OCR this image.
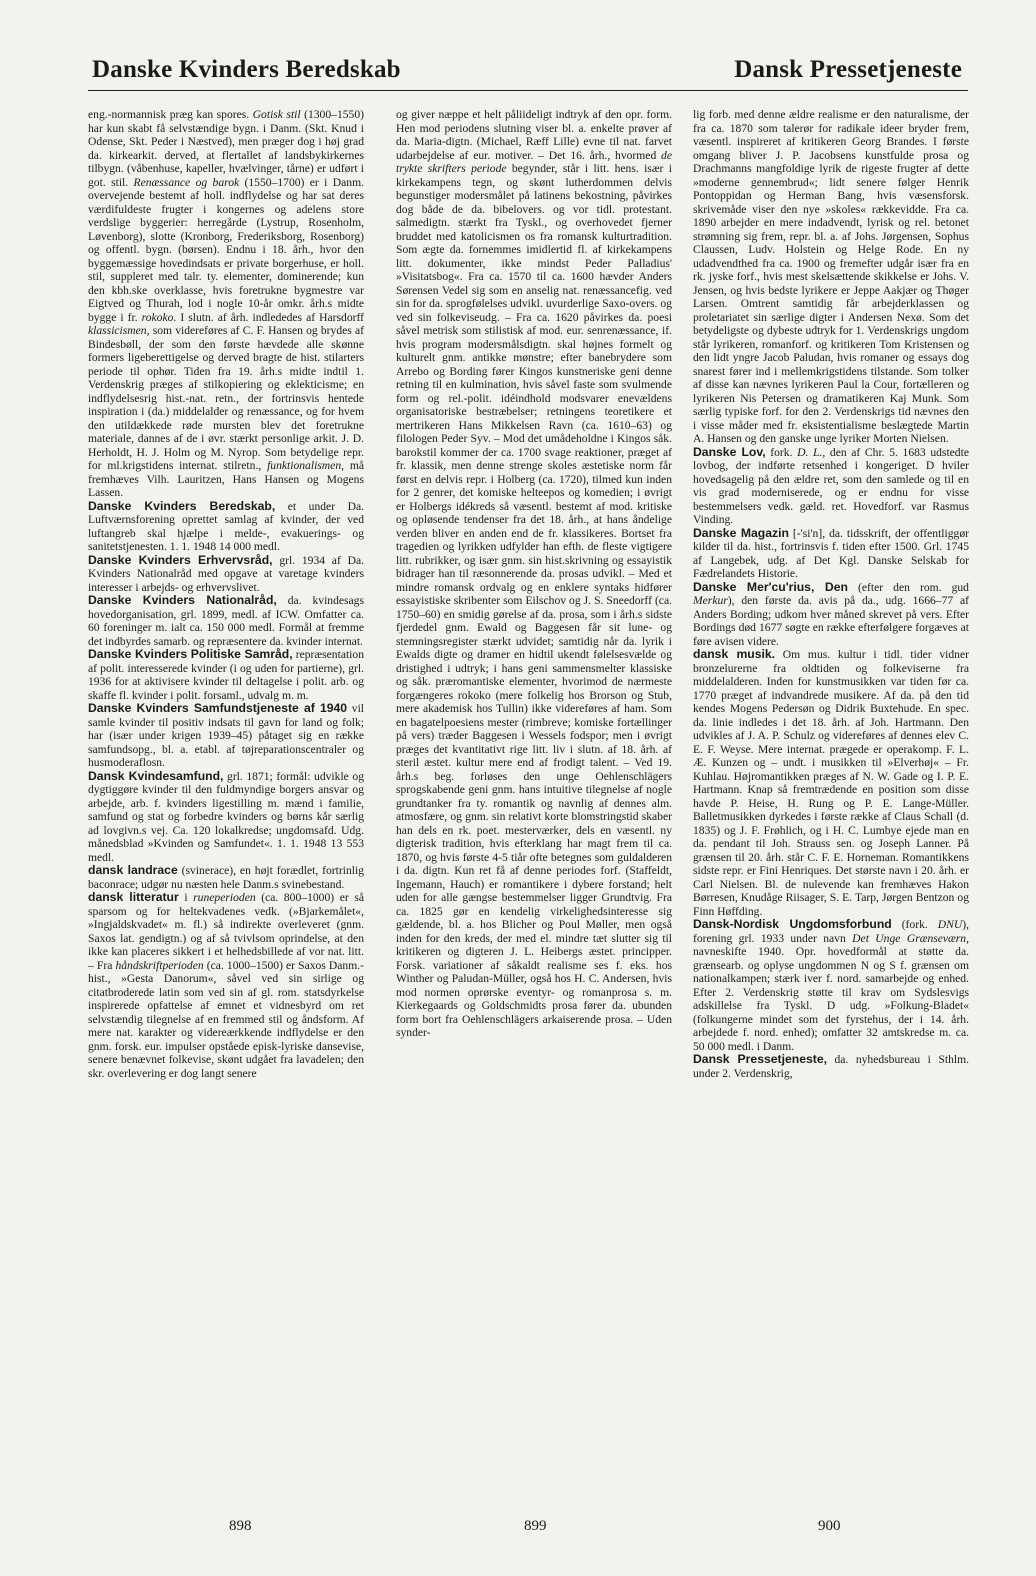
Danske Kvinders Beredskab	Dansk Pressetjeneste

eng.-normannisk præg kan spores. Gotisk stil (1300–1550) har kun skabt få selvstændige bygn. i Danm. (Skt. Knud i Odense, Skt. Peder i Næstved), men præger dog i høj grad da. kirkearkit. derved, at flertallet af landsbykirkernes tilbygn. (våbenhuse, kapeller, hvælvinger, tårne) er udført i got. stil. Renæssance og barok (1550–1700) er i Danm. overvejende bestemt af holl. indflydelse og har sat deres værdifuldeste frugter i kongernes og adelens store verdslige byggerier: herregårde (Lystrup, Rosenholm, Løvenborg), slotte (Kronborg, Frederiksborg, Rosenborg) og offentl. bygn. (børsen). Endnu i 18. årh., hvor den byggemæssige hovedindsats er private borgerhuse, er holl. stil, suppleret med talr. ty. elementer, dominerende; kun den kbh.ske overklasse, hvis foretrukne bygmestre var Eigtved og Thurah, lod i nogle 10-år omkr. årh.s midte bygge i fr. rokoko. I slutn. af årh. indlededes af Harsdorff klassicismen, som videreføres af C. F. Hansen og brydes af Bindesbøll, der som den første hævdede alle skønne formers ligeberettigelse og derved bragte de hist. stilarters periode til ophør. Tiden fra 19. årh.s midte indtil 1. Verdenskrig præges af stilkopiering og eklekticisme; en indflydelsesrig hist.-nat. retn., der fortrinsvis hentede inspiration i (da.) middelalder og renæssance, og for hvem den utildækkede røde mursten blev det foretrukne materiale, dannes af de i øvr. stærkt personlige arkit. J. D. Herholdt, H. J. Holm og M. Nyrop. Som betydelige repr. for ml.krigstidens internat. stilretn., funktionalismen, må fremhæves Vilh. Lauritzen, Hans Hansen og Mogens Lassen.

Danske Kvinders Beredskab, et under Da. Luftværnsforening oprettet samlag af kvinder, der ved luftangreb skal hjælpe i melde-, evakuerings- og sanitetstjenesten. 1. 1. 1948 14 000 medl.

Danske Kvinders Erhvervsråd, grl. 1934 af Da. Kvinders Nationalråd med opgave at varetage kvinders interesser i arbejds- og erhvervslivet.

Danske Kvinders Nationalråd, da. kvindesags hovedorganisation, grl. 1899, medl. af ICW. Omfatter ca. 60 foreninger m. ialt ca. 150 000 medl. Formål at fremme det indbyrdes samarb. og repræsentere da. kvinder internat.

Danske Kvinders Politiske Samråd, repræsentation af polit. interesserede kvinder (i og uden for partierne), grl. 1936 for at aktivisere kvinder til deltagelse i polit. arb. og skaffe fl. kvinder i polit. forsaml., udvalg m. m.

Danske Kvinders Samfundstjeneste af 1940 vil samle kvinder til positiv indsats til gavn for land og folk; har (især under krigen 1939–45) påtaget sig en række samfundsopg., bl. a. etabl. af tøjreparationscentraler og husmoderaflosn.

Dansk Kvindesamfund, grl. 1871; formål: udvikle og dygtiggøre kvinder til den fuldmyndige borgers ansvar og arbejde, arb. f. kvinders ligestilling m. mænd i familie, samfund og stat og forbedre kvinders og børns kår særlig ad lovgivn.s vej. Ca. 120 lokalkredse; ungdomsafd. Udg. månedsblad »Kvinden og Samfundet«. 1. 1. 1948 13 553 medl.

dansk landrace (svinerace), en højt forædlet, fortrinlig baconrace; udgør nu næsten hele Danm.s svinebestand.

dansk litteratur i runeperioden (ca. 800–1000) er så sparsom og for heltekvadenes vedk. (»Bjarkemålet«, »Ingjaldskvadet« m. fl.) så indirekte overleveret (gnm. Saxos lat. gendigtn.) og af så tvivlsom oprindelse, at den ikke kan placeres sikkert i et helhedsbillede af vor nat. litt. – Fra håndskriftperioden (ca. 1000–1500) er Saxos Danm.-hist., »Gesta Danorum«, såvel ved sin sirlige og citatbroderede latin som ved sin af gl. rom. statsdyrkelse inspirerede opfattelse af emnet et vidnesbyrd om ret selvstændig tilegnelse af en fremmed stil og åndsform. Af mere nat. karakter og videreærkkende indflydelse er den gnm. forsk. eur. impulser opståede episk-lyriske dansevise, senere benævnet folkevise, skønt udgået fra lavadelen; den skr. overlevering er dog langt senere

og giver næppe et helt påliideligt indtryk af den opr. form. Hen mod periodens slutning viser bl. a. enkelte prøver af da. Maria-digtn. (Michael, Ræff Lille) evne til nat. farvet udarbejdelse af eur. motiver. – Det 16. årh., hvormed de trykte skrifters periode begynder, står i litt. hens. især i kirkekampens tegn, og skønt lutherdommen delvis begunstiger modersmålet på latinens bekostning, påvirkes dog både de da. bibelovers. og vor tidl. protestant. salmedigtn. stærkt fra Tyskl., og overhovedet fjerner bruddet med katolicismen os fra romansk kulturtradition. Som ægte da. fornemmes imidlertid fl. af kirkekampens litt. dokumenter, ikke mindst Peder Palladius' »Visitatsbog«. Fra ca. 1570 til ca. 1600 hævder Anders Sørensen Vedel sig som en anselig nat. renæssancefig. ved sin for da. sprogfølelses udvikl. uvurderlige Saxo-overs. og ved sin folkeviseudg. – Fra ca. 1620 påvirkes da. poesi såvel metrisk som stilistisk af mod. eur. senrenæssance, if. hvis program modersmålsdigtn. skal højnes formelt og kulturelt gnm. antikke mønstre; efter banebrydere som Arrebo og Bording fører Kingos kunstneriske geni denne retning til en kulmination, hvis såvel faste som svulmende form og rel.-polit. idéindhold modsvarer enevældens organisatoriske bestræbelser; retningens teoretikere et mertrikeren Hans Mikkelsen Ravn (ca. 1610–63) og filologen Peder Syv. – Mod det umådeholdne i Kingos såk. barokstil kommer der ca. 1700 svage reaktioner, præget af fr. klassik, men denne strenge skoles æstetiske norm får først en delvis repr. i Holberg (ca. 1720), tilmed kun inden for 2 genrer, det komiske helteepos og komedien; i øvrigt er Holbergs idékreds så væsentl. bestemt af mod. kritiske og opløsende tendenser fra det 18. årh., at hans åndelige verden bliver en anden end de fr. klassikeres. Bortset fra tragedien og lyrikken udfylder han efth. de fleste vigtigere litt. rubrikker, og især gnm. sin hist.skrivning og essayistik bidrager han til ræsonnerende da. prosas udvikl. – Med et mindre romansk ordvalg og en enklere syntaks hidfører essayistiske skribenter som Eilschov og J. S. Sneedorff (ca. 1750–60) en smidig gørelse af da. prosa, som i årh.s sidste fjerdedel gnm. Ewald og Baggesen får sit lune- og stemningsregister stærkt udvidet; samtidig når da. lyrik i Ewalds digte og dramer en hidtil ukendt følelsesvælde og dristighed i udtryk; i hans geni sammensmelter klassiske og såk. præromantiske elementer, hvorimod de nærmeste forgængeres rokoko (mere folkelig hos Brorson og Stub, mere akademisk hos Tullin) ikke videreføres af ham. Som en bagatelpoesiens mester (rimbreve; komiske fortællinger på vers) træder Baggesen i Wessels fodspor; men i øvrigt præges det kvantitativt rige litt. liv i slutn. af 18. årh. af steril æstet. kultur mere end af frodigt talent. – Ved 19. årh.s beg. forløses den unge Oehlenschlägers sprogskabende geni gnm. hans intuitive tilegnelse af nogle grundtanker fra ty. romantik og navnlig af dennes alm. atmosfære, og gnm. sin relativt korte blomstringstid skaber han dels en rk. poet. mesterværker, dels en væsentl. ny digterisk tradition, hvis efterklang har magt frem til ca. 1870, og hvis første 4-5 tiår ofte betegnes som guldalderen i da. digtn. Kun ret få af denne periodes forf. (Staffeldt, Ingemann, Hauch) er romantikere i dybere forstand; helt uden for alle gængse bestemmelser ligger Grundtvig. Fra ca. 1825 gør en kendelig virkelighedsinteresse sig gældende, bl. a. hos Blicher og Poul Møller, men også inden for den kreds, der med el. mindre tæt slutter sig til kritikeren og digteren J. L. Heibergs æstet. principper. Forsk. variationer af såkaldt realisme ses f. eks. hos Winther og Paludan-Müller, også hos H. C. Andersen, hvis mod normen oprørske eventyr- og romanprosa s. m. Kierkegaards og Goldschmidts prosa fører da. ubunden form bort fra Oehlenschlägers arkaiserende prosa. – Uden synder-

lig forb. med denne ældre realisme er den naturalisme, der fra ca. 1870 som talerør for radikale ideer bryder frem, væsentl. inspireret af kritikeren Georg Brandes. I første omgang bliver J. P. Jacobsens kunstfulde prosa og Drachmanns mangfoldige lyrik de rigeste frugter af dette »moderne gennembrud«; lidt senere følger Henrik Pontoppidan og Herman Bang, hvis væsensforsk. skrivemåde viser den nye »skoles« rækkevidde. Fra ca. 1890 arbejder en mere indadvendt, lyrisk og rel. betonet strømning sig frem, repr. bl. a. af Johs. Jørgensen, Sophus Claussen, Ludv. Holstein og Helge Rode. En ny udadvendthed fra ca. 1900 og fremefter udgår især fra en rk. jyske forf., hvis mest skelsættende skikkelse er Johs. V. Jensen, og hvis bedste lyrikere er Jeppe Aakjær og Thøger Larsen. Omtrent samtidig får arbejderklassen og proletariatet sin særlige digter i Andersen Nexø. Som det betydeligste og dybeste udtryk for 1. Verdenskrigs ungdom står lyrikeren, romanforf. og kritikeren Tom Kristensen og den lidt yngre Jacob Paludan, hvis romaner og essays dog snarest fører ind i mellemkrigstidens tilstande. Som tolker af disse kan nævnes lyrikeren Paul la Cour, fortælleren og lyrikeren Nis Petersen og dramatikeren Kaj Munk. Som særlig typiske forf. for den 2. Verdenskrigs tid nævnes den i visse måder med fr. eksistentialisme beslægtede Martin A. Hansen og den ganske unge lyriker Morten Nielsen.

Danske Lov, fork. D. L., den af Chr. 5. 1683 udstedte lovbog, der indførte retsenhed i kongeriget. D hviler hovedsagelig på den ældre ret, som den samlede og til en vis grad moderniserede, og er endnu for visse bestemmelsers vedk. gæld. ret. Hovedforf. var Rasmus Vinding.

Danske Magazin [-'si'n], da. tidsskrift, der offentliggør kilder til da. hist., fortrinsvis f. tiden efter 1500. Grl. 1745 af Langebek, udg. af Det Kgl. Danske Selskab for Fædrelandets Historie.

Danske Mer'cu'rius, Den (efter den rom. gud Merkur), den første da. avis på da., udg. 1666–77 af Anders Bording; udkom hver måned skrevet på vers. Efter Bordings død 1677 søgte en række efterfølgere forgæves at føre avisen videre.

dansk musik. Om mus. kultur i tidl. tider vidner bronzelurerne fra oldtiden og folkeviserne fra middelalderen. Inden for kunstmusikken var tiden før ca. 1770 præget af indvandrede musikere. Af da. på den tid kendes Mogens Pedersøn og Didrik Buxtehude. En spec. da. linie indledes i det 18. årh. af Joh. Hartmann. Den udvikles af J. A. P. Schulz og videreføres af dennes elev C. E. F. Weyse. Mere internat. prægede er operakomp. F. L. Æ. Kunzen og – undt. i musikken til »Elverhøj« – Fr. Kuhlau. Højromantikken præges af N. W. Gade og I. P. E. Hartmann. Knap så fremtrædende en position som disse havde P. Heise, H. Rung og P. E. Lange-Müller. Balletmusikken dyrkedes i første række af Claus Schall (d. 1835) og J. F. Frøhlich, og i H. C. Lumbye ejede man en da. pendant til Joh. Strauss sen. og Joseph Lanner. På grænsen til 20. årh. står C. F. E. Horneman. Romantikkens sidste repr. er Fini Henriques. Det største navn i 20. årh. er Carl Nielsen. Bl. de nulevende kan fremhæves Hakon Børresen, Knudåge Riisager, S. E. Tarp, Jørgen Bentzon og Finn Høffding.

Dansk-Nordisk Ungdomsforbund (fork. DNU), forening grl. 1933 under navn Det Unge Grænseværn, navneskifte 1940. Opr. hovedformål at støtte da. grænsearb. og oplyse ungdommen N og S f. grænsen om nationalkampen; stærk iver f. nord. samarbejde og enhed. Efter 2. Verdenskrig støtte til krav om Sydslesvigs adskillelse fra Tyskl. D udg. »Folkung-Bladet« (folkungerne mindet som det fyrstehus, der i 14. årh. arbejdede f. nord. enhed); omfatter 32 amtskredse m. ca. 50 000 medl. i Danm.

Dansk Pressetjeneste, da. nyhedsbureau i Sthlm. under 2. Verdenskrig,

898	899	900
